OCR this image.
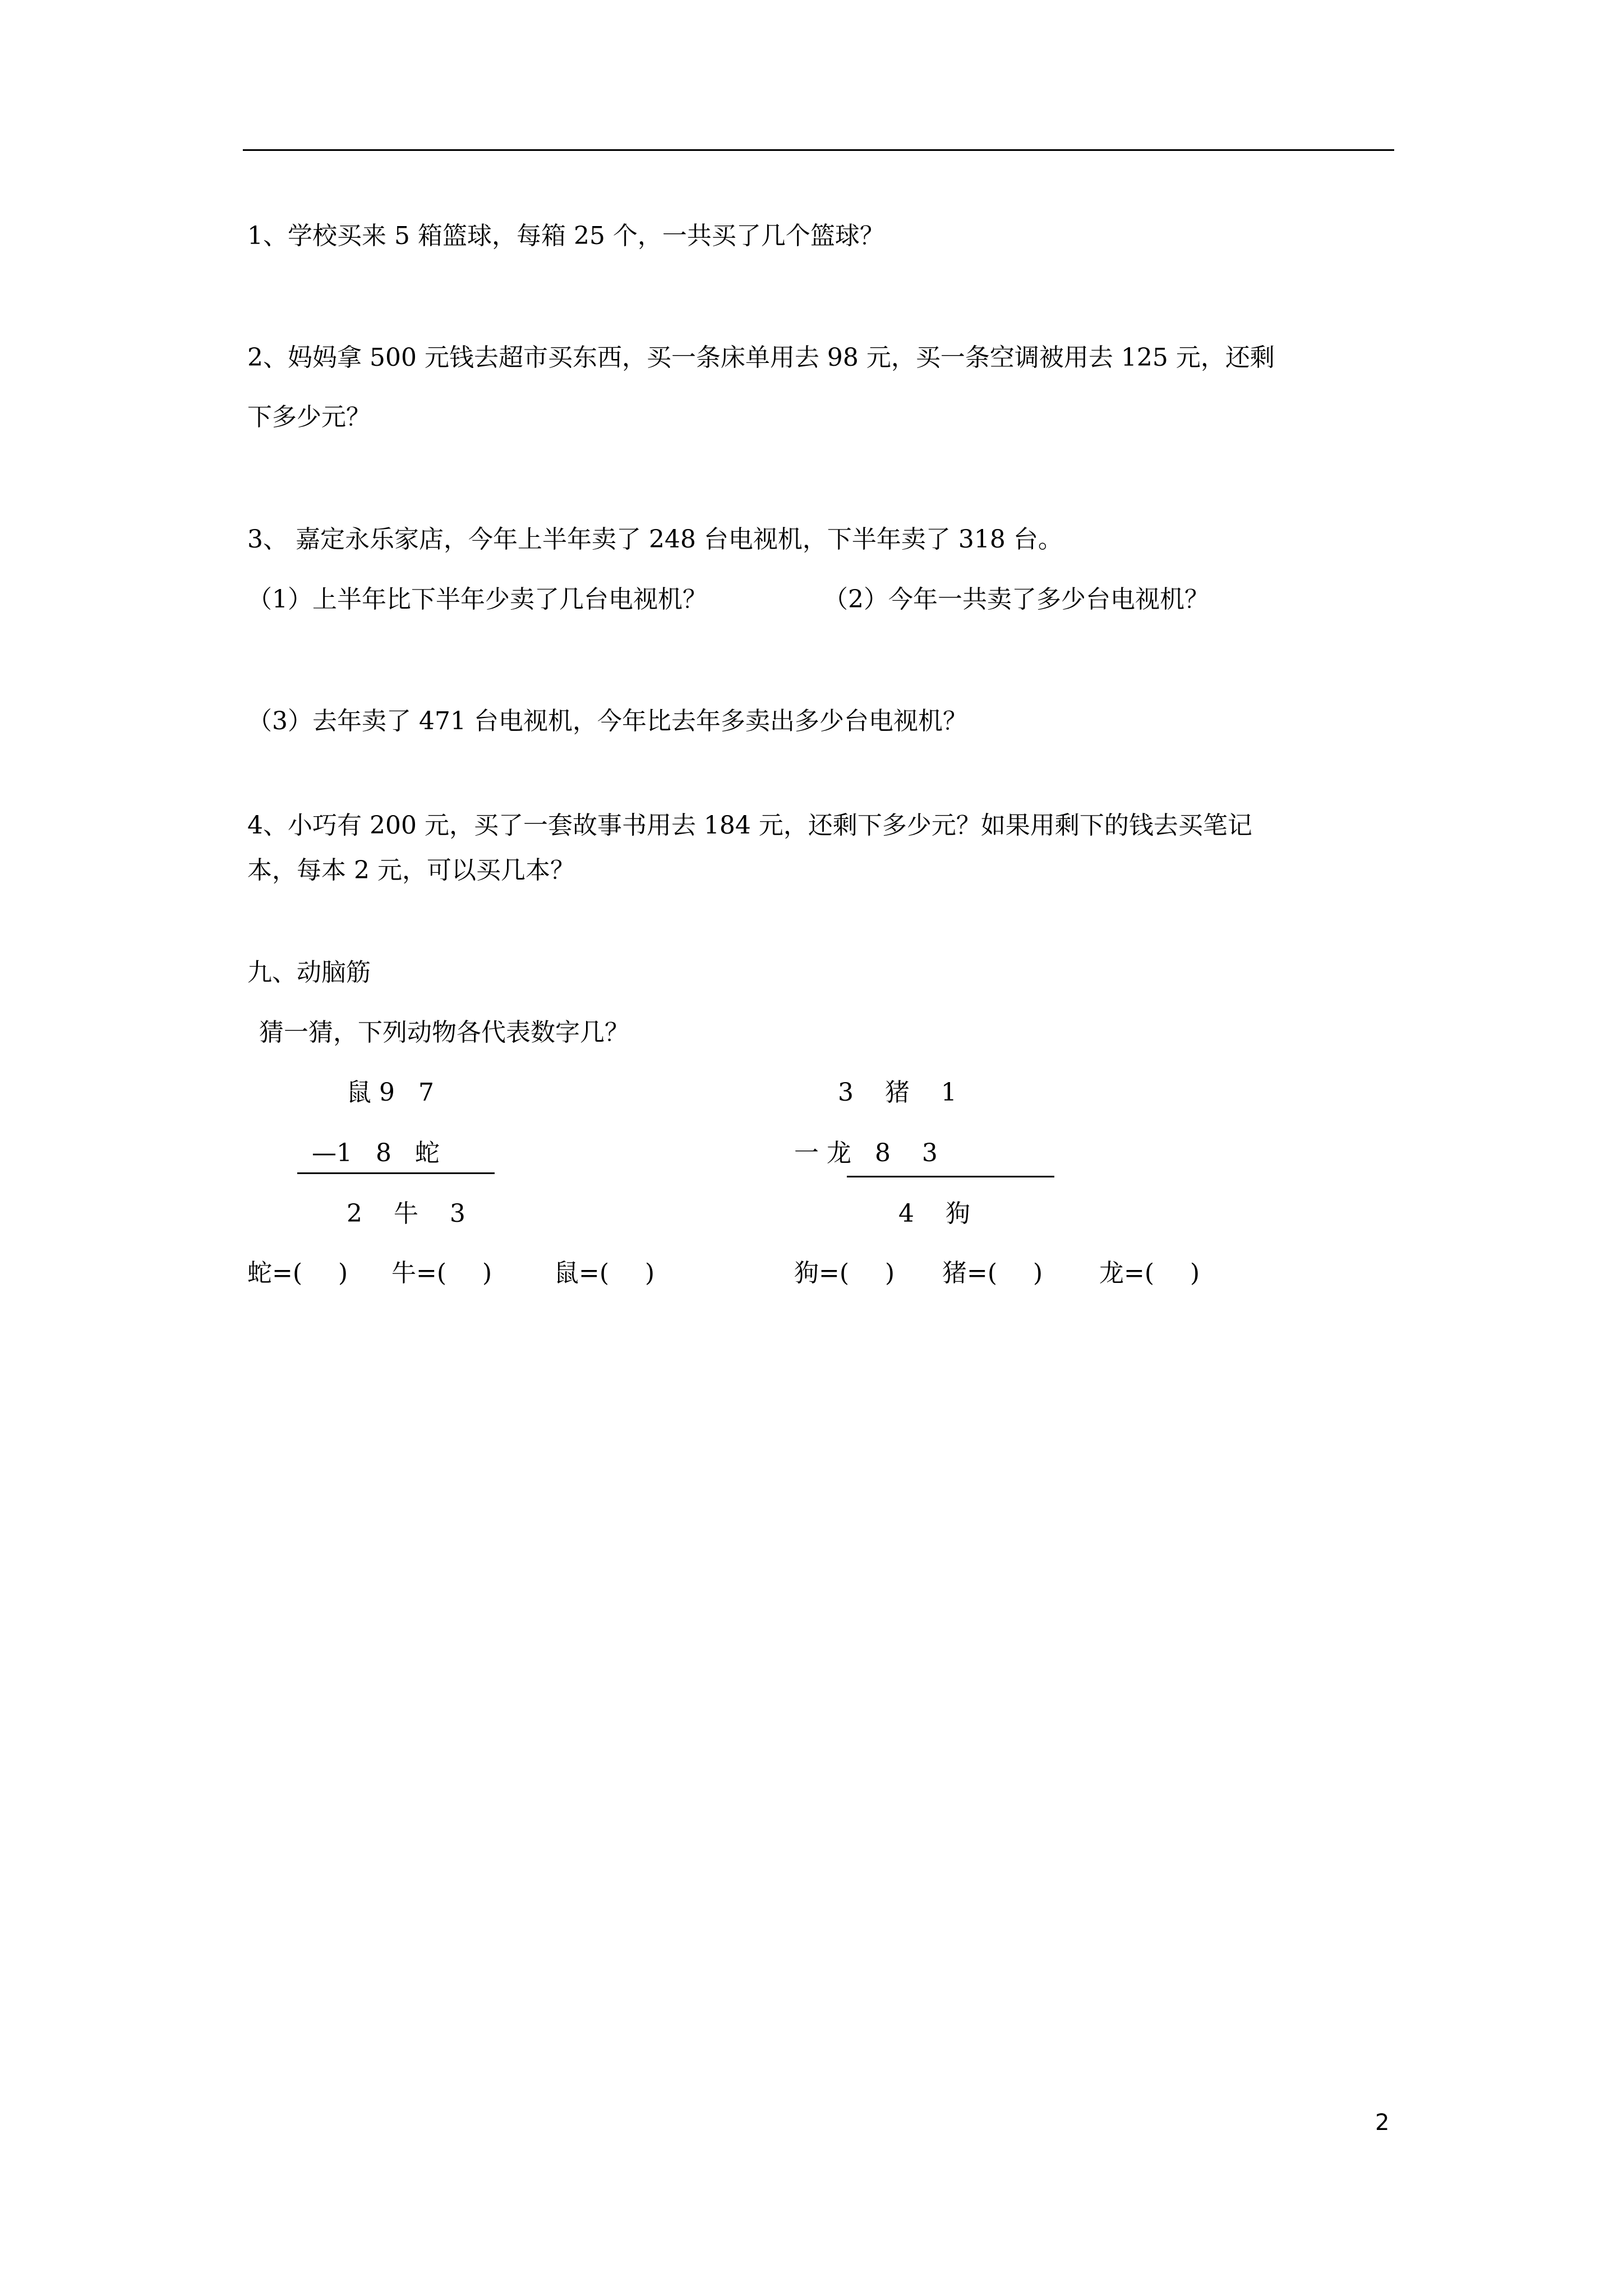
1、学校买来 5 箱篮球，每箱 25 个，一共买了几个篮球？
2、妈妈拿 500 元钱去超市买东西，买一条床单用去 98 元，买一条空调被用去 125 元，还剩
下多少元？
3、 嘉定永乐家店，今年上半年卖了 248 台电视机，下半年卖了 318 台。
（1）上半年比下半年少卖了几台电视机？	（2）今年一共卖了多少台电视机？
（3）去年卖了 471 台电视机，今年比去年多卖出多少台电视机？
4、小巧有 200 元，买了一套故事书用去 184 元，还剩下多少元？如果用剩下的钱去买笔记
本，每本 2 元，可以买几本？
九、动脑筋
猜一猜，下列动物各代表数字几？
鼠 9   7
—1   8   蛇
2    牛    3
3    猪    1
一 龙   8    3
4    狗
蛇=( ) 牛=( )	鼠=( )	狗=( ) 猪=( ) 龙=( )
2
